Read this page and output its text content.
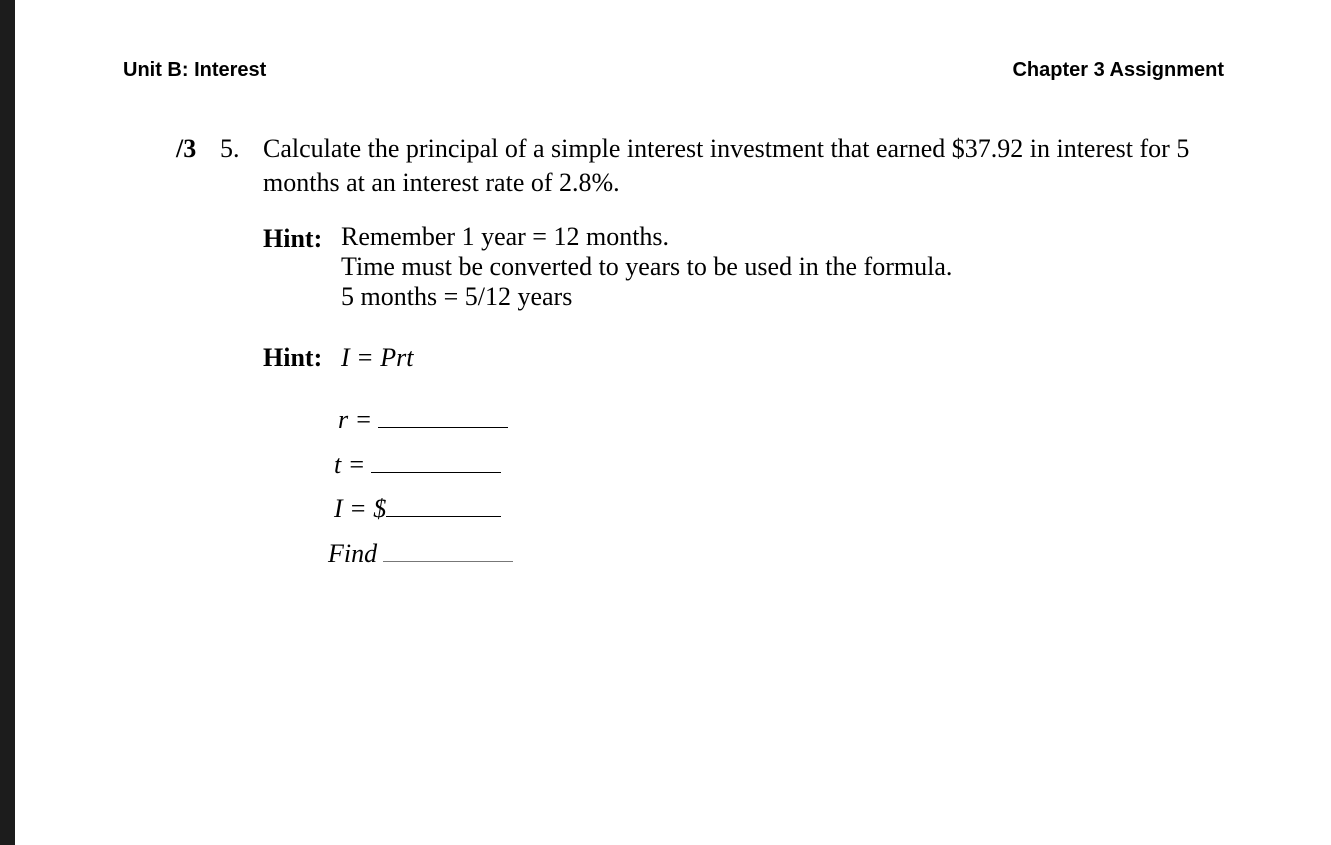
Unit B: Interest	Chapter 3 Assignment
/3 5. Calculate the principal of a simple interest investment that earned $37.92 in interest for 5
months at an interest rate of 2.8%.
Hint: Remember 1 year = 12 months.
Time must be converted to years to be used in the formula.
5 months = 5/12 years
Hint: I = Prt
r =
t =
I = $
Find
